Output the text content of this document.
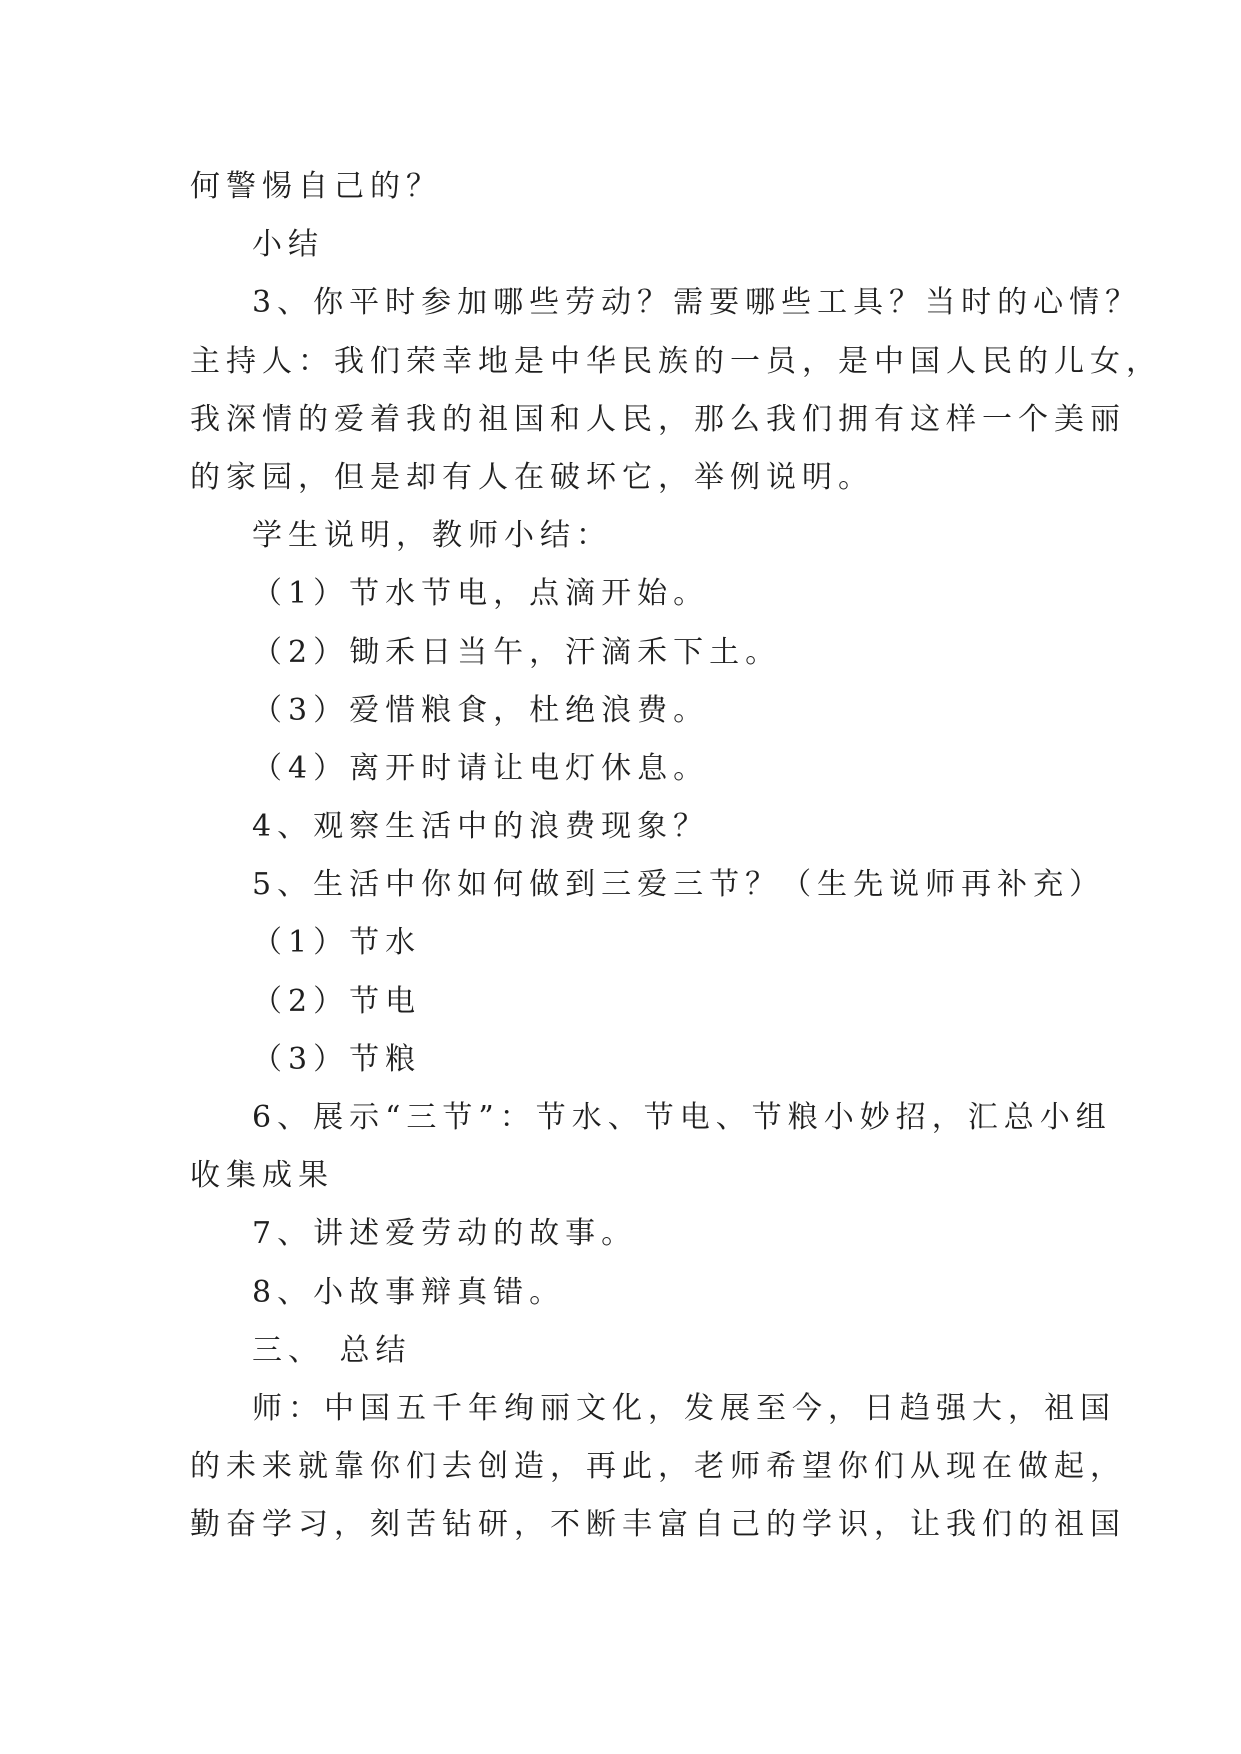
何警惕自己的？
小结
3、你平时参加哪些劳动？需要哪些工具？当时的心情？
主持人：我们荣幸地是中华民族的一员，是中国人民的儿女，
我深情的爱着我的祖国和人民，那么我们拥有这样一个美丽
的家园，但是却有人在破坏它，举例说明。
学生说明，教师小结：
（1）节水节电，点滴开始。
（2）锄禾日当午，汗滴禾下土。
（3）爱惜粮食，杜绝浪费。
（4）离开时请让电灯休息。
4、观察生活中的浪费现象？
5、生活中你如何做到三爱三节？（生先说师再补充）
（1）节水
（2）节电
（3）节粮
6、展示“三节”：节水、节电、节粮小妙招，汇总小组
收集成果
7、讲述爱劳动的故事。
8、小故事辩真错。
三、 总结
师：中国五千年绚丽文化，发展至今，日趋强大，祖国
的未来就靠你们去创造，再此，老师希望你们从现在做起，
勤奋学习，刻苦钻研，不断丰富自己的学识，让我们的祖国
